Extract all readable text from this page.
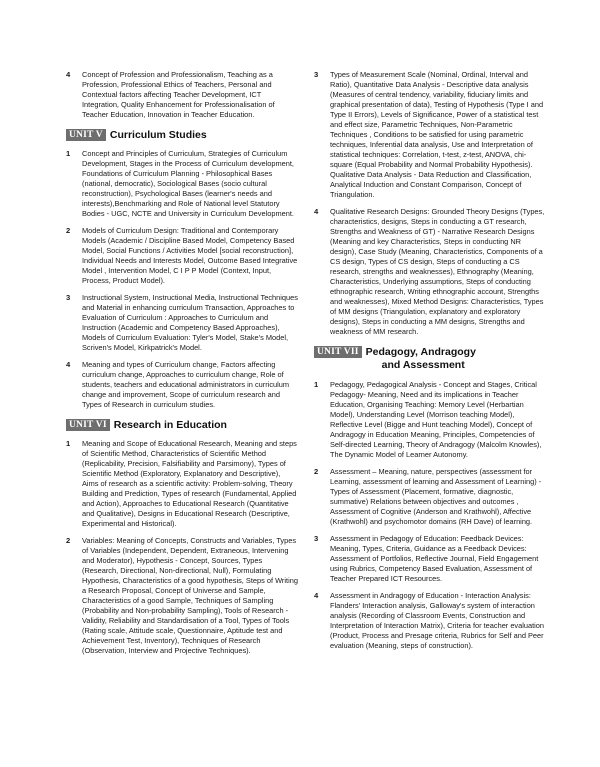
4	Concept of Profession and Professionalism, Teaching as a Profession, Professional Ethics of Teachers, Personal and Contextual factors affecting Teacher Development, ICT Integration, Quality Enhancement for Professionalisation of Teacher Education, Innovation in Teacher Education.
UNIT V Curriculum Studies
1	Concept and Principles of Curriculum, Strategies of Curriculum Development, Stages in the Process of Curriculum development, Foundations of Curriculum Planning - Philosophical Bases (national, democratic), Sociological Bases (socio cultural reconstruction), Psychological Bases (learner's needs and interests),Benchmarking and Role of National level Statutory Bodies - UGC, NCTE and University in Curriculum Development.
2	Models of Curriculum Design: Traditional and Contemporary Models (Academic / Discipline Based Model, Competency Based Model, Social Functions / Activities Model [social reconstruction], Individual Needs and Interests Model, Outcome Based Integrative Model , Intervention Model, C I P P Model (Context, Input, Process, Product Model).
3	Instructional System, Instructional Media, Instructional Techniques and Material in enhancing curriculum Transaction, Approaches to Evaluation of Curriculum : Approaches to Curriculum and Instruction (Academic and Competency Based Approaches), Models of Curriculum Evaluation: Tyler's Model, Stake's Model, Scriven's Model, Kirkpatrick's Model.
4	Meaning and types of Curriculum change, Factors affecting curriculum change, Approaches to curriculum change, Role of students, teachers and educational administrators in curriculum change and improvement, Scope of curriculum research and Types of Research in curriculum studies.
UNIT VI Research in Education
1	Meaning and Scope of Educational Research, Meaning and steps of Scientific Method, Characteristics of Scientific Method (Replicability, Precision, Falsifiability and Parsimony), Types of Scientific Method (Exploratory, Explanatory and Descriptive), Aims of research as a scientific activity: Problem-solving, Theory Building and Prediction, Types of research (Fundamental, Applied and Action), Approaches to Educational Research (Quantitative and Qualitative), Designs in Educational Research (Descriptive, Experimental and Historical).
2	Variables: Meaning of Concepts, Constructs and Variables, Types of Variables (Independent, Dependent, Extraneous, Intervening and Moderator), Hypothesis - Concept, Sources, Types (Research, Directional, Non-directional, Null), Formulating Hypothesis, Characteristics of a good hypothesis, Steps of Writing a Research Proposal, Concept of Universe and Sample, Characteristics of a good Sample, Techniques of Sampling (Probability and Non-probability Sampling), Tools of Research - Validity, Reliability and Standardisation of a Tool, Types of Tools (Rating scale, Attitude scale, Questionnaire, Aptitude test and Achievement Test, Inventory), Techniques of Research (Observation, Interview and Projective Techniques).
3	Types of Measurement Scale (Nominal, Ordinal, Interval and Ratio), Quantitative Data Analysis - Descriptive data analysis (Measures of central tendency, variability, fiduciary limits and graphical presentation of data), Testing of Hypothesis (Type I and Type II Errors), Levels of Significance, Power of a statistical test and effect size, Parametric Techniques, Non-Parametric Techniques , Conditions to be satisfied for using parametric techniques, Inferential data analysis, Use and Interpretation of statistical techniques: Correlation, t-test, z-test, ANOVA, chi-square (Equal Probability and Normal Probability Hypothesis). Qualitative Data Analysis - Data Reduction and Classification, Analytical Induction and Constant Comparison, Concept of Triangulation.
4	Qualitative Research Designs: Grounded Theory Designs (Types, characteristics, designs, Steps in conducting a GT research, Strengths and Weakness of GT) - Narrative Research Designs (Meaning and key Characteristics, Steps in conducting NR design), Case Study (Meaning, Characteristics, Components of a CS design, Types of CS design, Steps of conducting a CS research, strengths and weaknesses), Ethnography (Meaning, Characteristics, Underlying assumptions, Steps of conducting ethnographic research, Writing ethnographic account, Strengths and weaknesses), Mixed Method Designs: Characteristics, Types of MM designs (Triangulation, explanatory and exploratory designs), Steps in conducting a MM designs, Strengths and weakness of MM research.
UNIT VII Pedagogy, Andragogy
and Assessment
1	Pedagogy, Pedagogical Analysis - Concept and Stages, Critical Pedagogy- Meaning, Need and its implications in Teacher Education, Organising Teaching: Memory Level (Herbartian Model), Understanding Level (Morrison teaching Model), Reflective Level (Bigge and Hunt teaching Model), Concept of Andragogy in Education Meaning, Principles, Competencies of Self-directed Learning, Theory of Andragogy (Malcolm Knowles), The Dynamic Model of Learner Autonomy.
2	Assessment – Meaning, nature, perspectives (assessment for Learning, assessment of learning and Assessment of Learning) - Types of Assessment (Placement, formative, diagnostic, summative) Relations between objectives and outcomes , Assessment of Cognitive (Anderson and Krathwohl), Affective (Krathwohl) and psychomotor domains (RH Dave) of learning.
3	Assessment in Pedagogy of Education: Feedback Devices: Meaning, Types, Criteria, Guidance as a Feedback Devices: Assessment of Portfolios, Reflective Journal, Field Engagement using Rubrics, Competency Based Evaluation, Assessment of Teacher Prepared ICT Resources.
4	Assessment in Andragogy of Education - Interaction Analysis: Flanders' Interaction analysis, Galloway's system of interaction analysis (Recording of Classroom Events, Construction and Interpretation of Interaction Matrix), Criteria for teacher evaluation (Product, Process and Presage criteria, Rubrics for Self and Peer evaluation (Meaning, steps of construction).
